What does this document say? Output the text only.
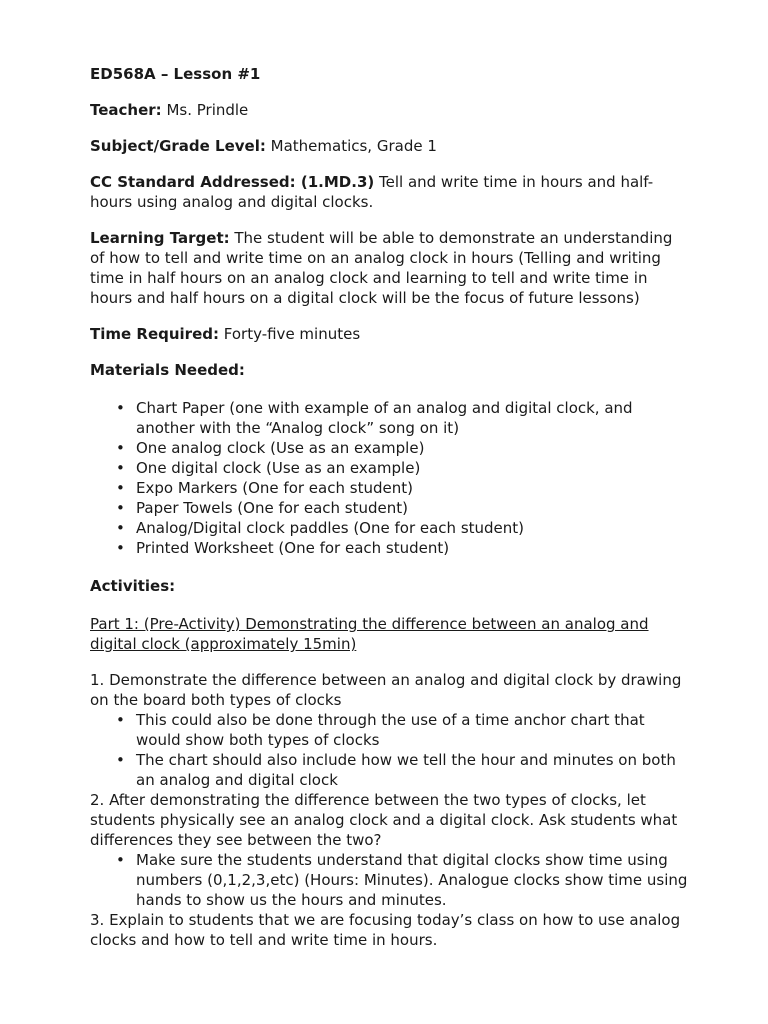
ED568A – Lesson #1
Teacher: Ms. Prindle
Subject/Grade Level: Mathematics, Grade 1
CC Standard Addressed: (1.MD.3) Tell and write time in hours and half-hours using analog and digital clocks.
Learning Target: The student will be able to demonstrate an understanding of how to tell and write time on an analog clock in hours (Telling and writing time in half hours on an analog clock and learning to tell and write time in hours and half hours on a digital clock will be the focus of future lessons)
Time Required: Forty-five minutes
Materials Needed:
• Chart Paper (one with example of an analog and digital clock, and another with the “Analog clock” song on it)
• One analog clock (Use as an example)
• One digital clock (Use as an example)
• Expo Markers (One for each student)
• Paper Towels (One for each student)
• Analog/Digital clock paddles (One for each student)
• Printed Worksheet (One for each student)
Activities:
Part 1: (Pre-Activity) Demonstrating the difference between an analog and digital clock (approximately 15min)
1. Demonstrate the difference between an analog and digital clock by drawing on the board both types of clocks
• This could also be done through the use of a time anchor chart that would show both types of clocks
• The chart should also include how we tell the hour and minutes on both an analog and digital clock
2. After demonstrating the difference between the two types of clocks, let students physically see an analog clock and a digital clock. Ask students what differences they see between the two?
• Make sure the students understand that digital clocks show time using numbers (0,1,2,3,etc) (Hours: Minutes). Analogue clocks show time using hands to show us the hours and minutes.
3. Explain to students that we are focusing today’s class on how to use analog clocks and how to tell and write time in hours.
